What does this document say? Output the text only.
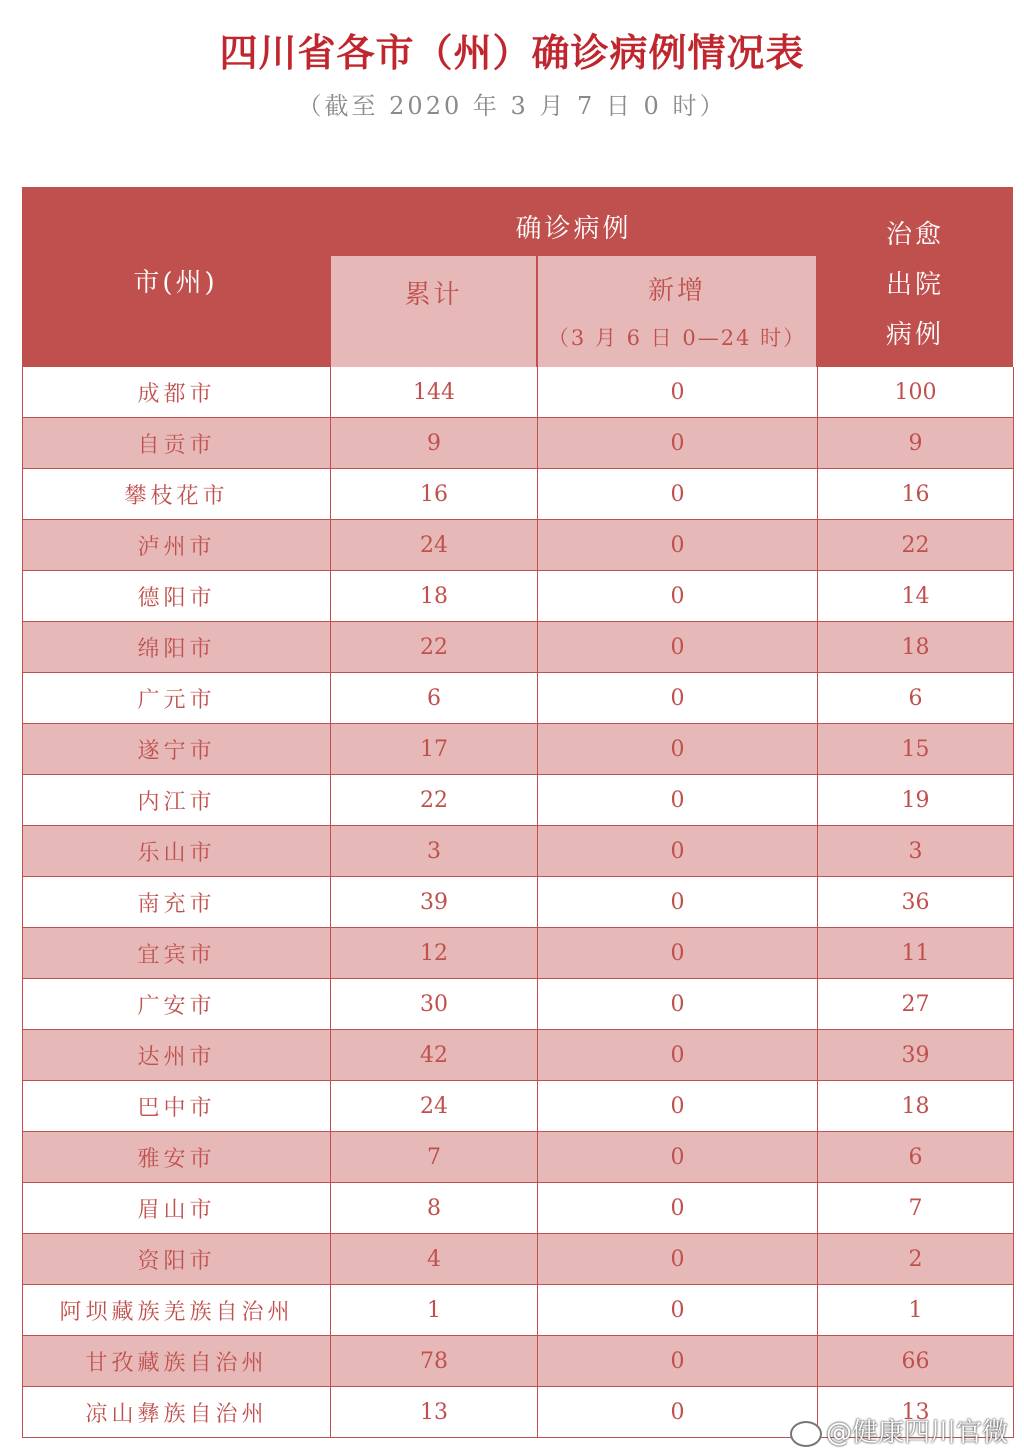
四川省各市（州）确诊病例情况表
（截至 2020 年 3 月 7 日 0 时）
市(州)
确诊病例
累计	新增
（3 月 6 日 0—24 时）
治愈
出院
病例
成都市	144	0	100
自贡市	9	0	9
攀枝花市	16	0	16
泸州市	24	0	22
德阳市	18	0	14
绵阳市	22	0	18
广元市	6	0	6
遂宁市	17	0	15
内江市	22	0	19
乐山市	3	0	3
南充市	39	0	36
宜宾市	12	0	11
广安市	30	0	27
达州市	42	0	39
巴中市	24	0	18
雅安市	7	0	6
眉山市	8	0	7
资阳市	4	0	2
阿坝藏族羌族自治州	1	0	1
甘孜藏族自治州	78	0	66
凉山彝族自治州	13	0	13
@健康四川官微
